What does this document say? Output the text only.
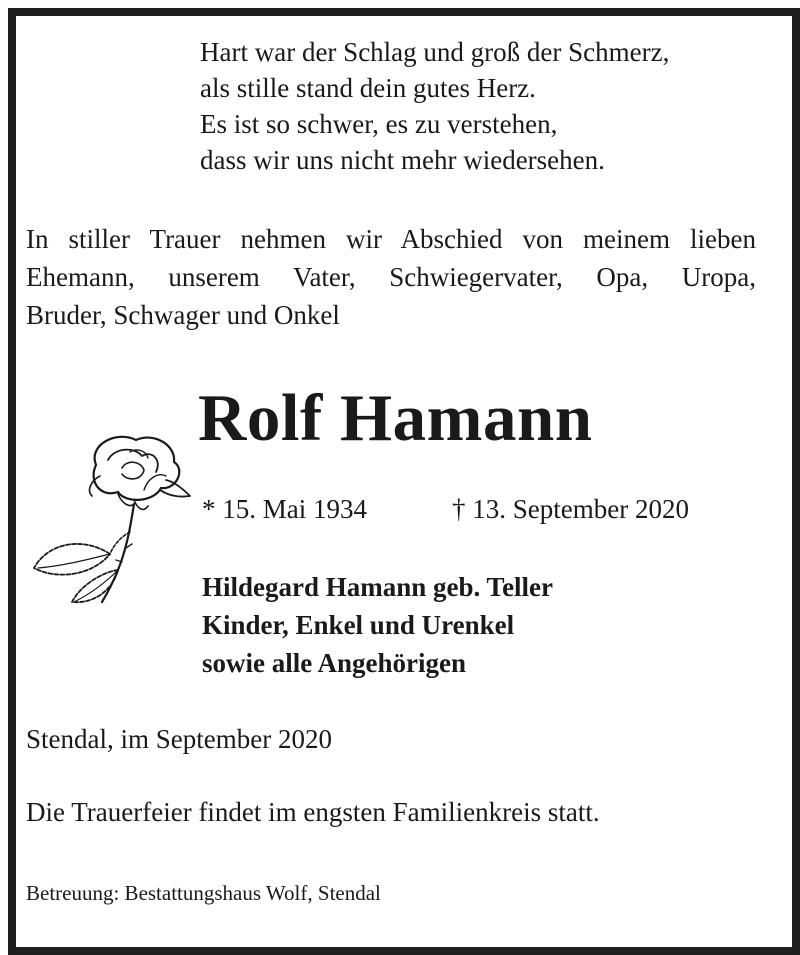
Hart war der Schlag und groß der Schmerz,
als stille stand dein gutes Herz.
Es ist so schwer, es zu verstehen,
dass wir uns nicht mehr wiedersehen.
In stiller Trauer nehmen wir Abschied von meinem lieben
Ehemann, unserem Vater, Schwiegervater, Opa, Uropa,
Bruder, Schwager und Onkel
Rolf Hamann
* 15. Mai 1934	† 13. September 2020
Hildegard Hamann geb. Teller
Kinder, Enkel und Urenkel
sowie alle Angehörigen
Stendal, im September 2020
Die Trauerfeier findet im engsten Familienkreis statt.
Betreuung: Bestattungshaus Wolf, Stendal
